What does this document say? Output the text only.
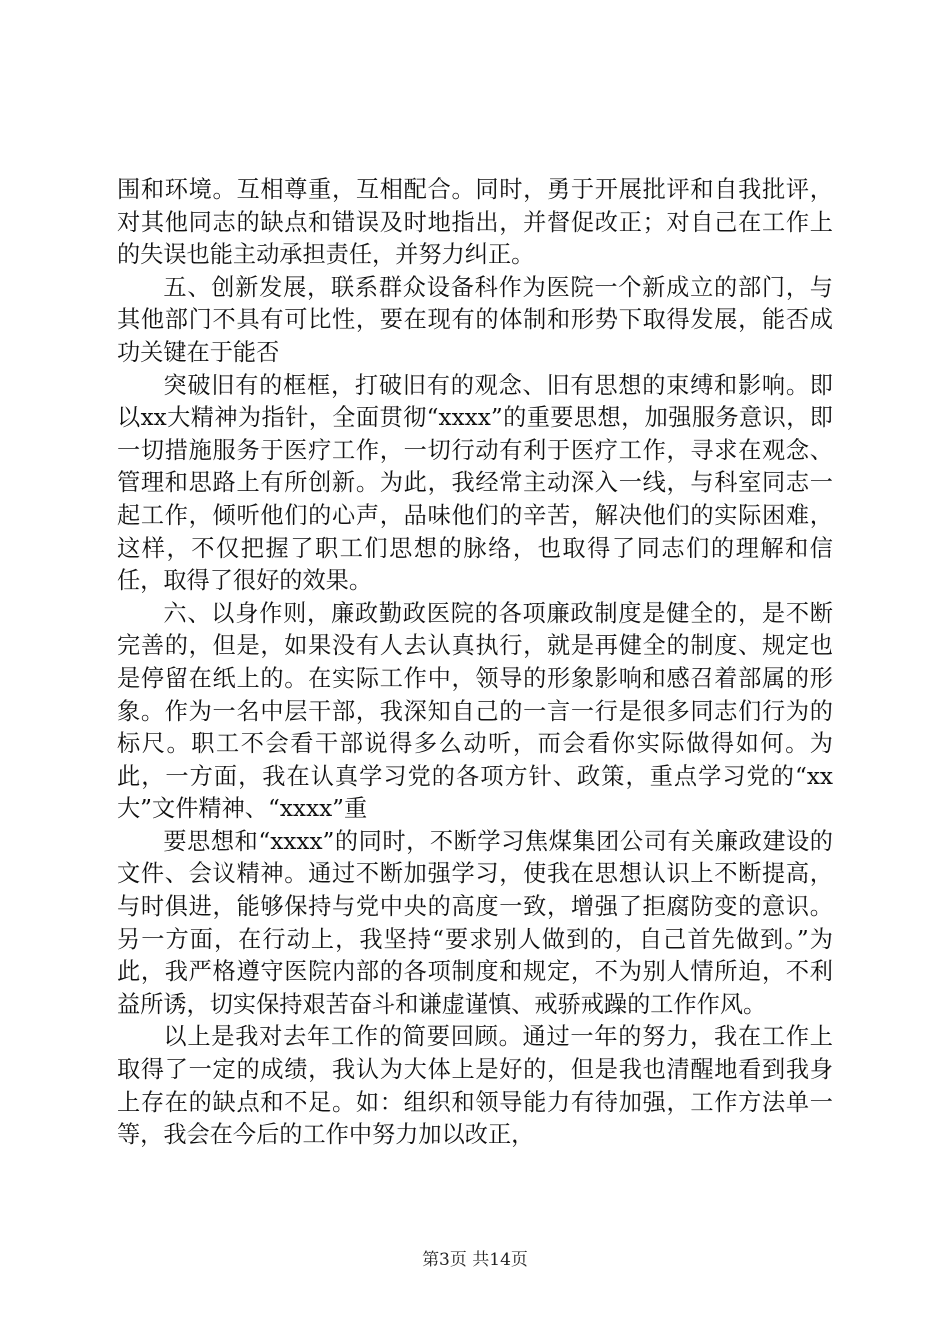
围和环境。互相尊重，互相配合。同时，勇于开展批评和自我批评，对其他同志的缺点和错误及时地指出，并督促改正；对自己在工作上的失误也能主动承担责任，并努力纠正。

五、创新发展，联系群众设备科作为医院一个新成立的部门，与其他部门不具有可比性，要在现有的体制和形势下取得发展，能否成功关键在于能否

突破旧有的框框，打破旧有的观念、旧有思想的束缚和影响。即以xx大精神为指针，全面贯彻“xxxx”的重要思想，加强服务意识，即一切措施服务于医疗工作，一切行动有利于医疗工作，寻求在观念、管理和思路上有所创新。为此，我经常主动深入一线，与科室同志一起工作，倾听他们的心声，品味他们的辛苦，解决他们的实际困难，这样，不仅把握了职工们思想的脉络，也取得了同志们的理解和信任，取得了很好的效果。

六、以身作则，廉政勤政医院的各项廉政制度是健全的，是不断完善的，但是，如果没有人去认真执行，就是再健全的制度、规定也是停留在纸上的。在实际工作中，领导的形象影响和感召着部属的形象。作为一名中层干部，我深知自己的一言一行是很多同志们行为的标尺。职工不会看干部说得多么动听，而会看你实际做得如何。为此，一方面，我在认真学习党的各项方针、政策，重点学习党的“xx大”文件精神、“xxxx”重

要思想和“xxxx”的同时，不断学习焦煤集团公司有关廉政建设的文件、会议精神。通过不断加强学习，使我在思想认识上不断提高，与时俱进，能够保持与党中央的高度一致，增强了拒腐防变的意识。另一方面，在行动上，我坚持“要求别人做到的，自己首先做到。”为此，我严格遵守医院内部的各项制度和规定，不为别人情所迫，不利益所诱，切实保持艰苦奋斗和谦虚谨慎、戒骄戒躁的工作作风。

以上是我对去年工作的简要回顾。通过一年的努力，我在工作上取得了一定的成绩，我认为大体上是好的，但是我也清醒地看到我身上存在的缺点和不足。如：组织和领导能力有待加强，工作方法单一等，我会在今后的工作中努力加以改正，

第3页 共14页
